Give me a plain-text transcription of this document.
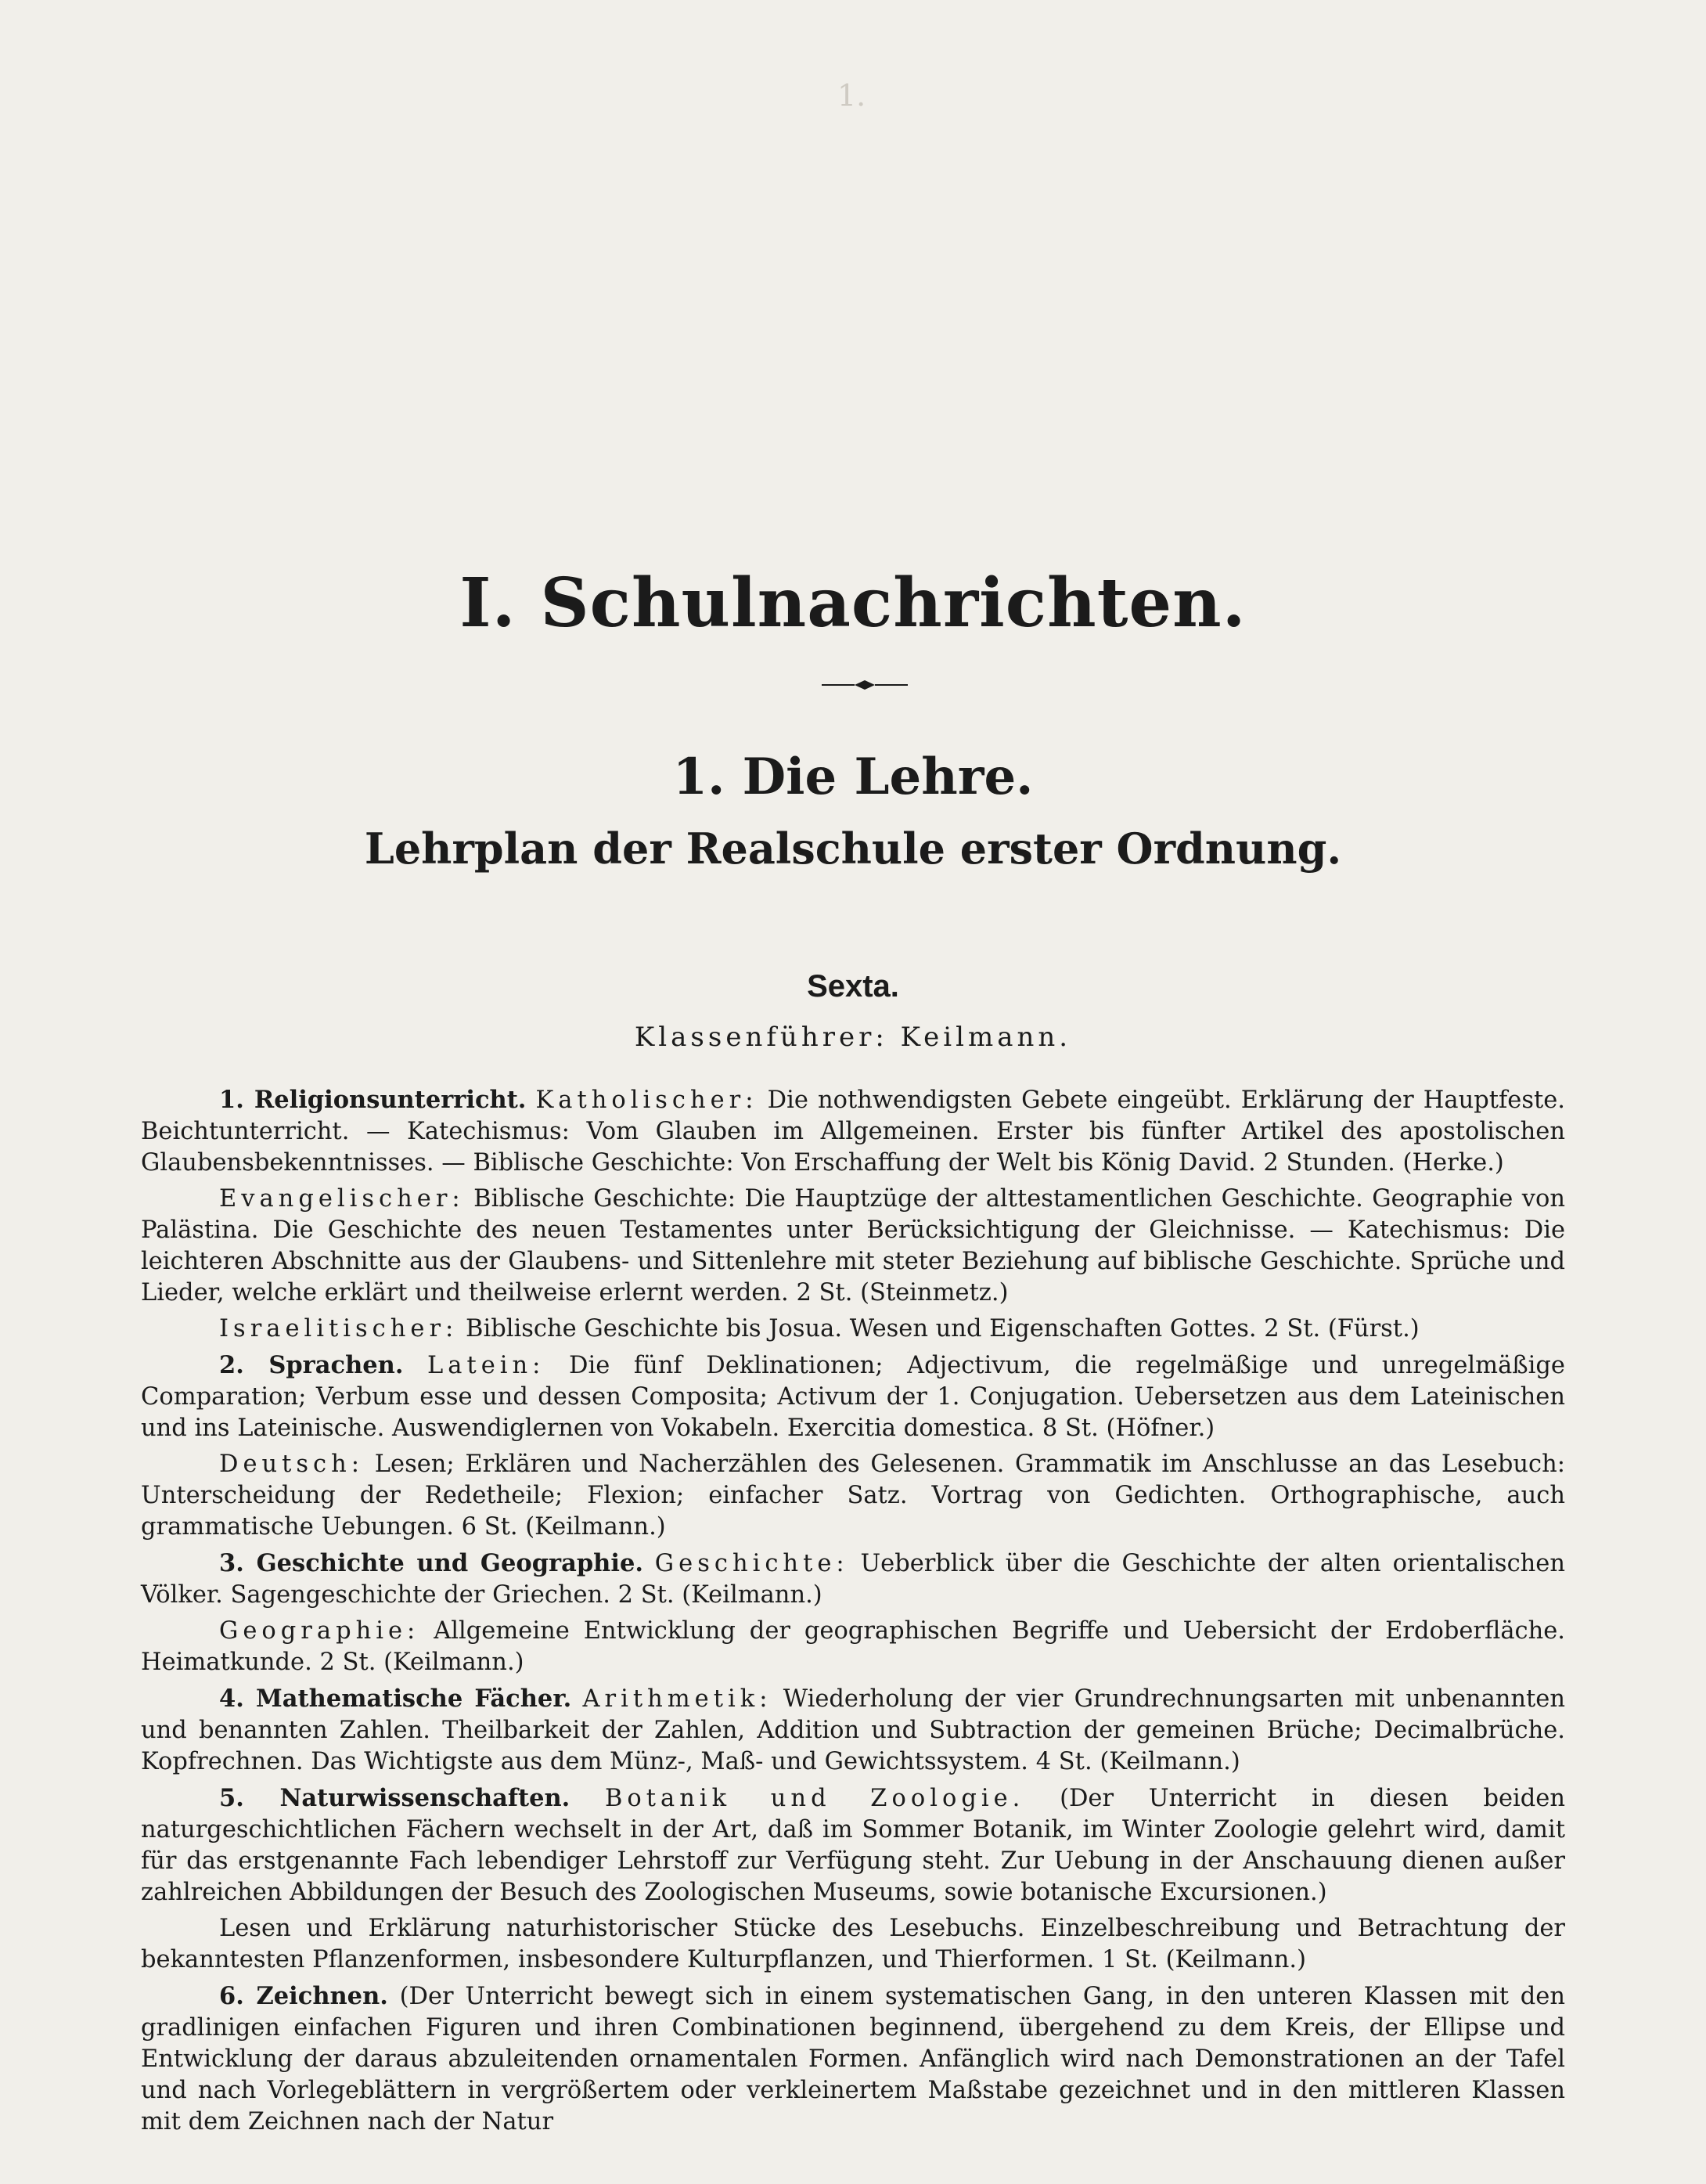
1.
I. Schulnachrichten.
1. Die Lehre.
Lehrplan der Realschule erster Ordnung.
Sexta.
Klassenführer: Keilmann.

1. Religionsunterricht. Katholischer: Die nothwendigsten Gebete eingeübt. Erklärung der Hauptfeste. Beichtunterricht. — Katechismus: Vom Glauben im Allgemeinen. Erster bis fünfter Artikel des apostolischen Glaubensbekenntnisses. — Biblische Geschichte: Von Erschaffung der Welt bis König David. 2 Stunden. (Herke.)

Evangelischer: Biblische Geschichte: Die Hauptzüge der alttestamentlichen Geschichte. Geographie von Palästina. Die Geschichte des neuen Testamentes unter Berücksichtigung der Gleichnisse. — Katechismus: Die leichteren Abschnitte aus der Glaubens- und Sittenlehre mit steter Beziehung auf biblische Geschichte. Sprüche und Lieder, welche erklärt und theilweise erlernt werden. 2 St. (Steinmetz.)

Israelitischer: Biblische Geschichte bis Josua. Wesen und Eigenschaften Gottes. 2 St. (Fürst.)

2. Sprachen. Latein: Die fünf Deklinationen; Adjectivum, die regelmäßige und unregelmäßige Comparation; Verbum esse und dessen Composita; Activum der 1. Conjugation. Uebersetzen aus dem Lateinischen und ins Lateinische. Auswendiglernen von Vokabeln. Exercitia domestica. 8 St. (Höfner.)

Deutsch: Lesen; Erklären und Nacherzählen des Gelesenen. Grammatik im Anschlusse an das Lesebuch: Unterscheidung der Redetheile; Flexion; einfacher Satz. Vortrag von Gedichten. Orthographische, auch grammatische Uebungen. 6 St. (Keilmann.)

3. Geschichte und Geographie. Geschichte: Ueberblick über die Geschichte der alten orientalischen Völker. Sagengeschichte der Griechen. 2 St. (Keilmann.)

Geographie: Allgemeine Entwicklung der geographischen Begriffe und Uebersicht der Erdoberfläche. Heimatkunde. 2 St. (Keilmann.)

4. Mathematische Fächer. Arithmetik: Wiederholung der vier Grundrechnungsarten mit unbenannten und benannten Zahlen. Theilbarkeit der Zahlen, Addition und Subtraction der gemeinen Brüche; Decimalbrüche. Kopfrechnen. Das Wichtigste aus dem Münz-, Maß- und Gewichtssystem. 4 St. (Keilmann.)

5. Naturwissenschaften. Botanik und Zoologie. (Der Unterricht in diesen beiden naturgeschichtlichen Fächern wechselt in der Art, daß im Sommer Botanik, im Winter Zoologie gelehrt wird, damit für das erstgenannte Fach lebendiger Lehrstoff zur Verfügung steht. Zur Uebung in der Anschauung dienen außer zahlreichen Abbildungen der Besuch des Zoologischen Museums, sowie botanische Excursionen.)

Lesen und Erklärung naturhistorischer Stücke des Lesebuchs. Einzelbeschreibung und Betrachtung der bekanntesten Pflanzenformen, insbesondere Kulturpflanzen, und Thierformen. 1 St. (Keilmann.)

6. Zeichnen. (Der Unterricht bewegt sich in einem systematischen Gang, in den unteren Klassen mit den gradlinigen einfachen Figuren und ihren Combinationen beginnend, übergehend zu dem Kreis, der Ellipse und Entwicklung der daraus abzuleitenden ornamentalen Formen. Anfänglich wird nach Demonstrationen an der Tafel und nach Vorlegeblättern in vergrößertem oder verkleinertem Maßstabe gezeichnet und in den mittleren Klassen mit dem Zeichnen nach der Natur
